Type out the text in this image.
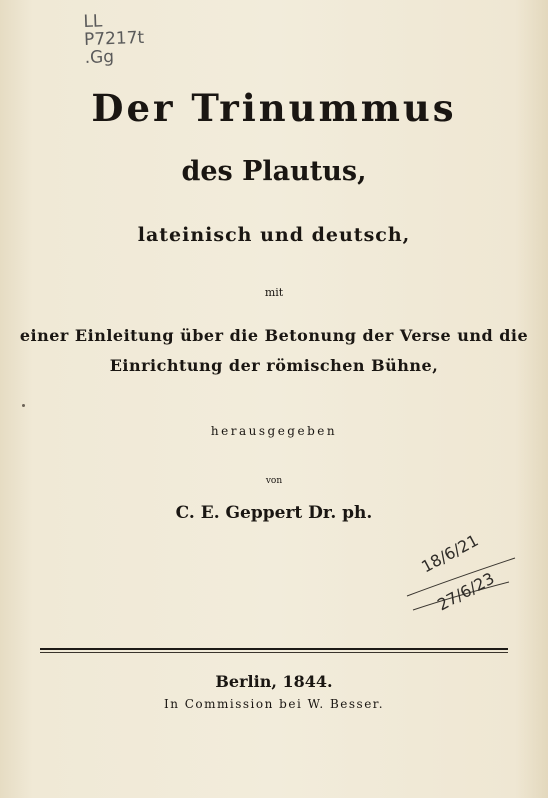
LL
P7217t
.Gg
Der Trinummus
des Plautus,
lateinisch und deutsch,
mit
einer Einleitung über die Betonung der Verse und die
Einrichtung der römischen Bühne,
herausgegeben
von
C. E. Geppert Dr. ph.
18/6/21
27/6/23
Berlin, 1844.
In Commission bei W. Besser.
